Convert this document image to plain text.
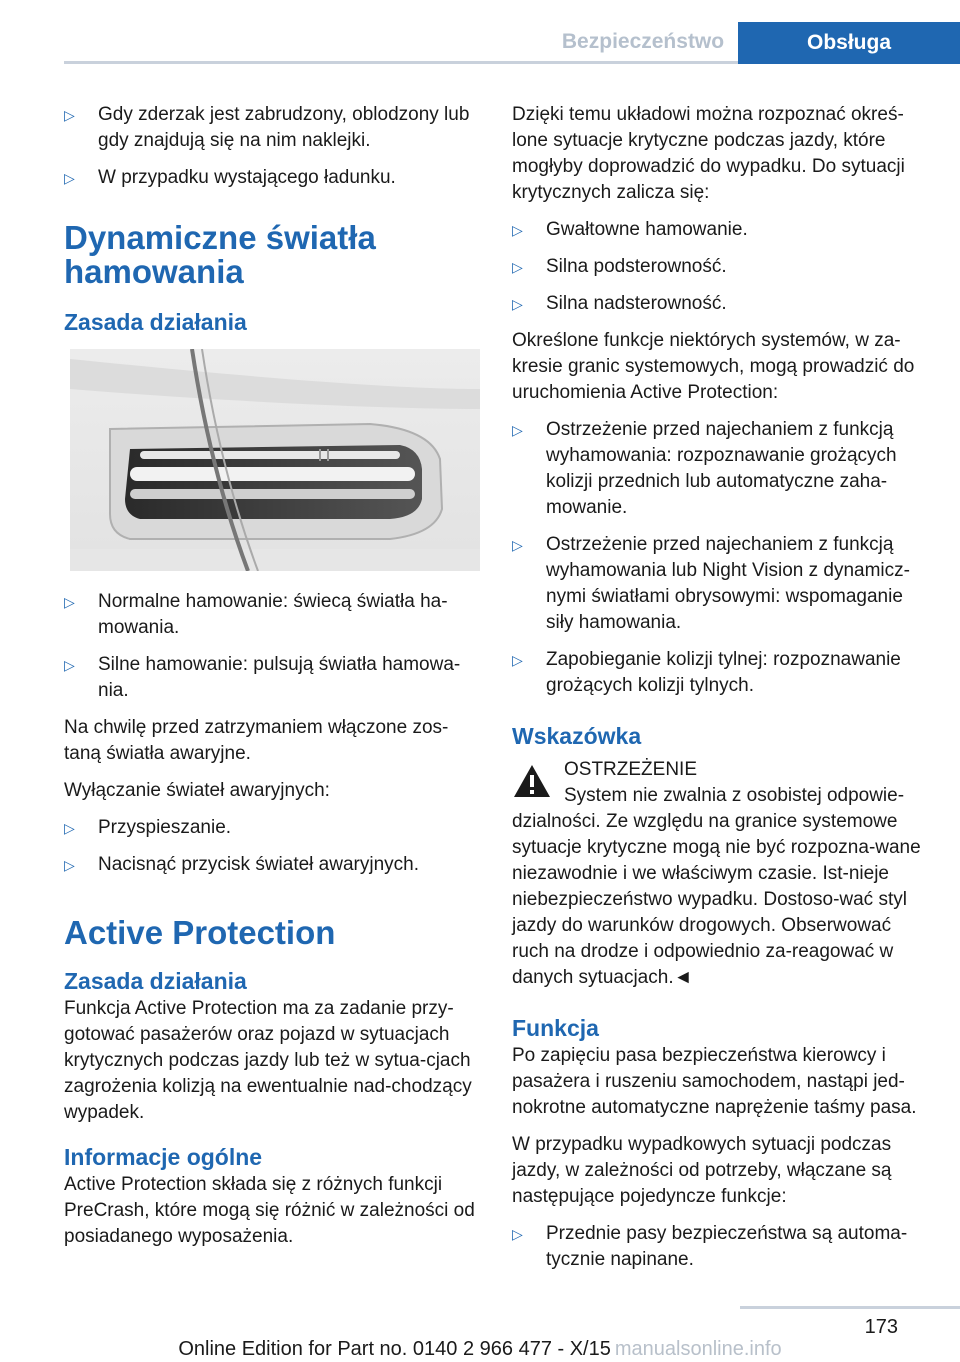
Bezpieczeństwo	Obsługa
▷ Gdy zderzak jest zabrudzony, oblodzony lub gdy znajdują się na nim naklejki.
▷ W przypadku wystającego ładunku.
Dynamiczne światła
hamowania
Zasada działania
▷ Normalne hamowanie: świecą światła ha-mowania.
▷ Silne hamowanie: pulsują światła hamowa-nia.

Na chwilę przed zatrzymaniem włączone zos-taną światła awaryjne.

Wyłączanie świateł awaryjnych:

▷ Przyspieszanie.
▷ Nacisnąć przycisk świateł awaryjnych.
Active Protection
Zasada działania

Funkcja Active Protection ma za zadanie przy-gotować pasażerów oraz pojazd w sytuacjach krytycznych podczas jazdy lub też w sytua-cjach zagrożenia kolizją na ewentualnie nad-chodzący wypadek.

Informacje ogólne

Active Protection składa się z różnych funkcji PreCrash, które mogą się różnić w zależności od posiadanego wyposażenia.

Dzięki temu układowi można rozpoznać okreś-lone sytuacje krytyczne podczas jazdy, które mogłyby doprowadzić do wypadku. Do sytuacji krytycznych zalicza się:

▷ Gwałtowne hamowanie.
▷ Silna podsterowność.
▷ Silna nadsterowność.

Określone funkcje niektórych systemów, w za-kresie granic systemowych, mogą prowadzić do uruchomienia Active Protection:

▷ Ostrzeżenie przed najechaniem z funkcją wyhamowania: rozpoznawanie grożących kolizji przednich lub automatyczne zaha-mowanie.
▷ Ostrzeżenie przed najechaniem z funkcją wyhamowania lub Night Vision z dynamicz-nymi światłami obrysowymi: wspomaganie siły hamowania.
▷ Zapobieganie kolizji tylnej: rozpoznawanie grożących kolizji tylnych.
Wskazówka
OSTRZEŻENIE
System nie zwalnia z osobistej odpowie-

dzialności. Ze względu na granice systemowe sytuacje krytyczne mogą nie być rozpozna-wane niezawodnie i we właściwym czasie. Ist-nieje niebezpieczeństwo wypadku. Dostoso-wać styl jazdy do warunków drogowych. Obserwować ruch na drodze i odpowiednio za-reagować w danych sytuacjach.◄

Funkcja

Po zapięciu pasa bezpieczeństwa kierowcy i pasażera i ruszeniu samochodem, nastąpi jed-nokrotne automatyczne naprężenie taśmy pasa.

W przypadku wypadkowych sytuacji podczas jazdy, w zależności od potrzeby, włączane są następujące pojedyncze funkcje:

▷ Przednie pasy bezpieczeństwa są automa-tycznie napinane.
173
Online Edition for Part no. 0140 2 966 477 - X/15 manualsonline.info
